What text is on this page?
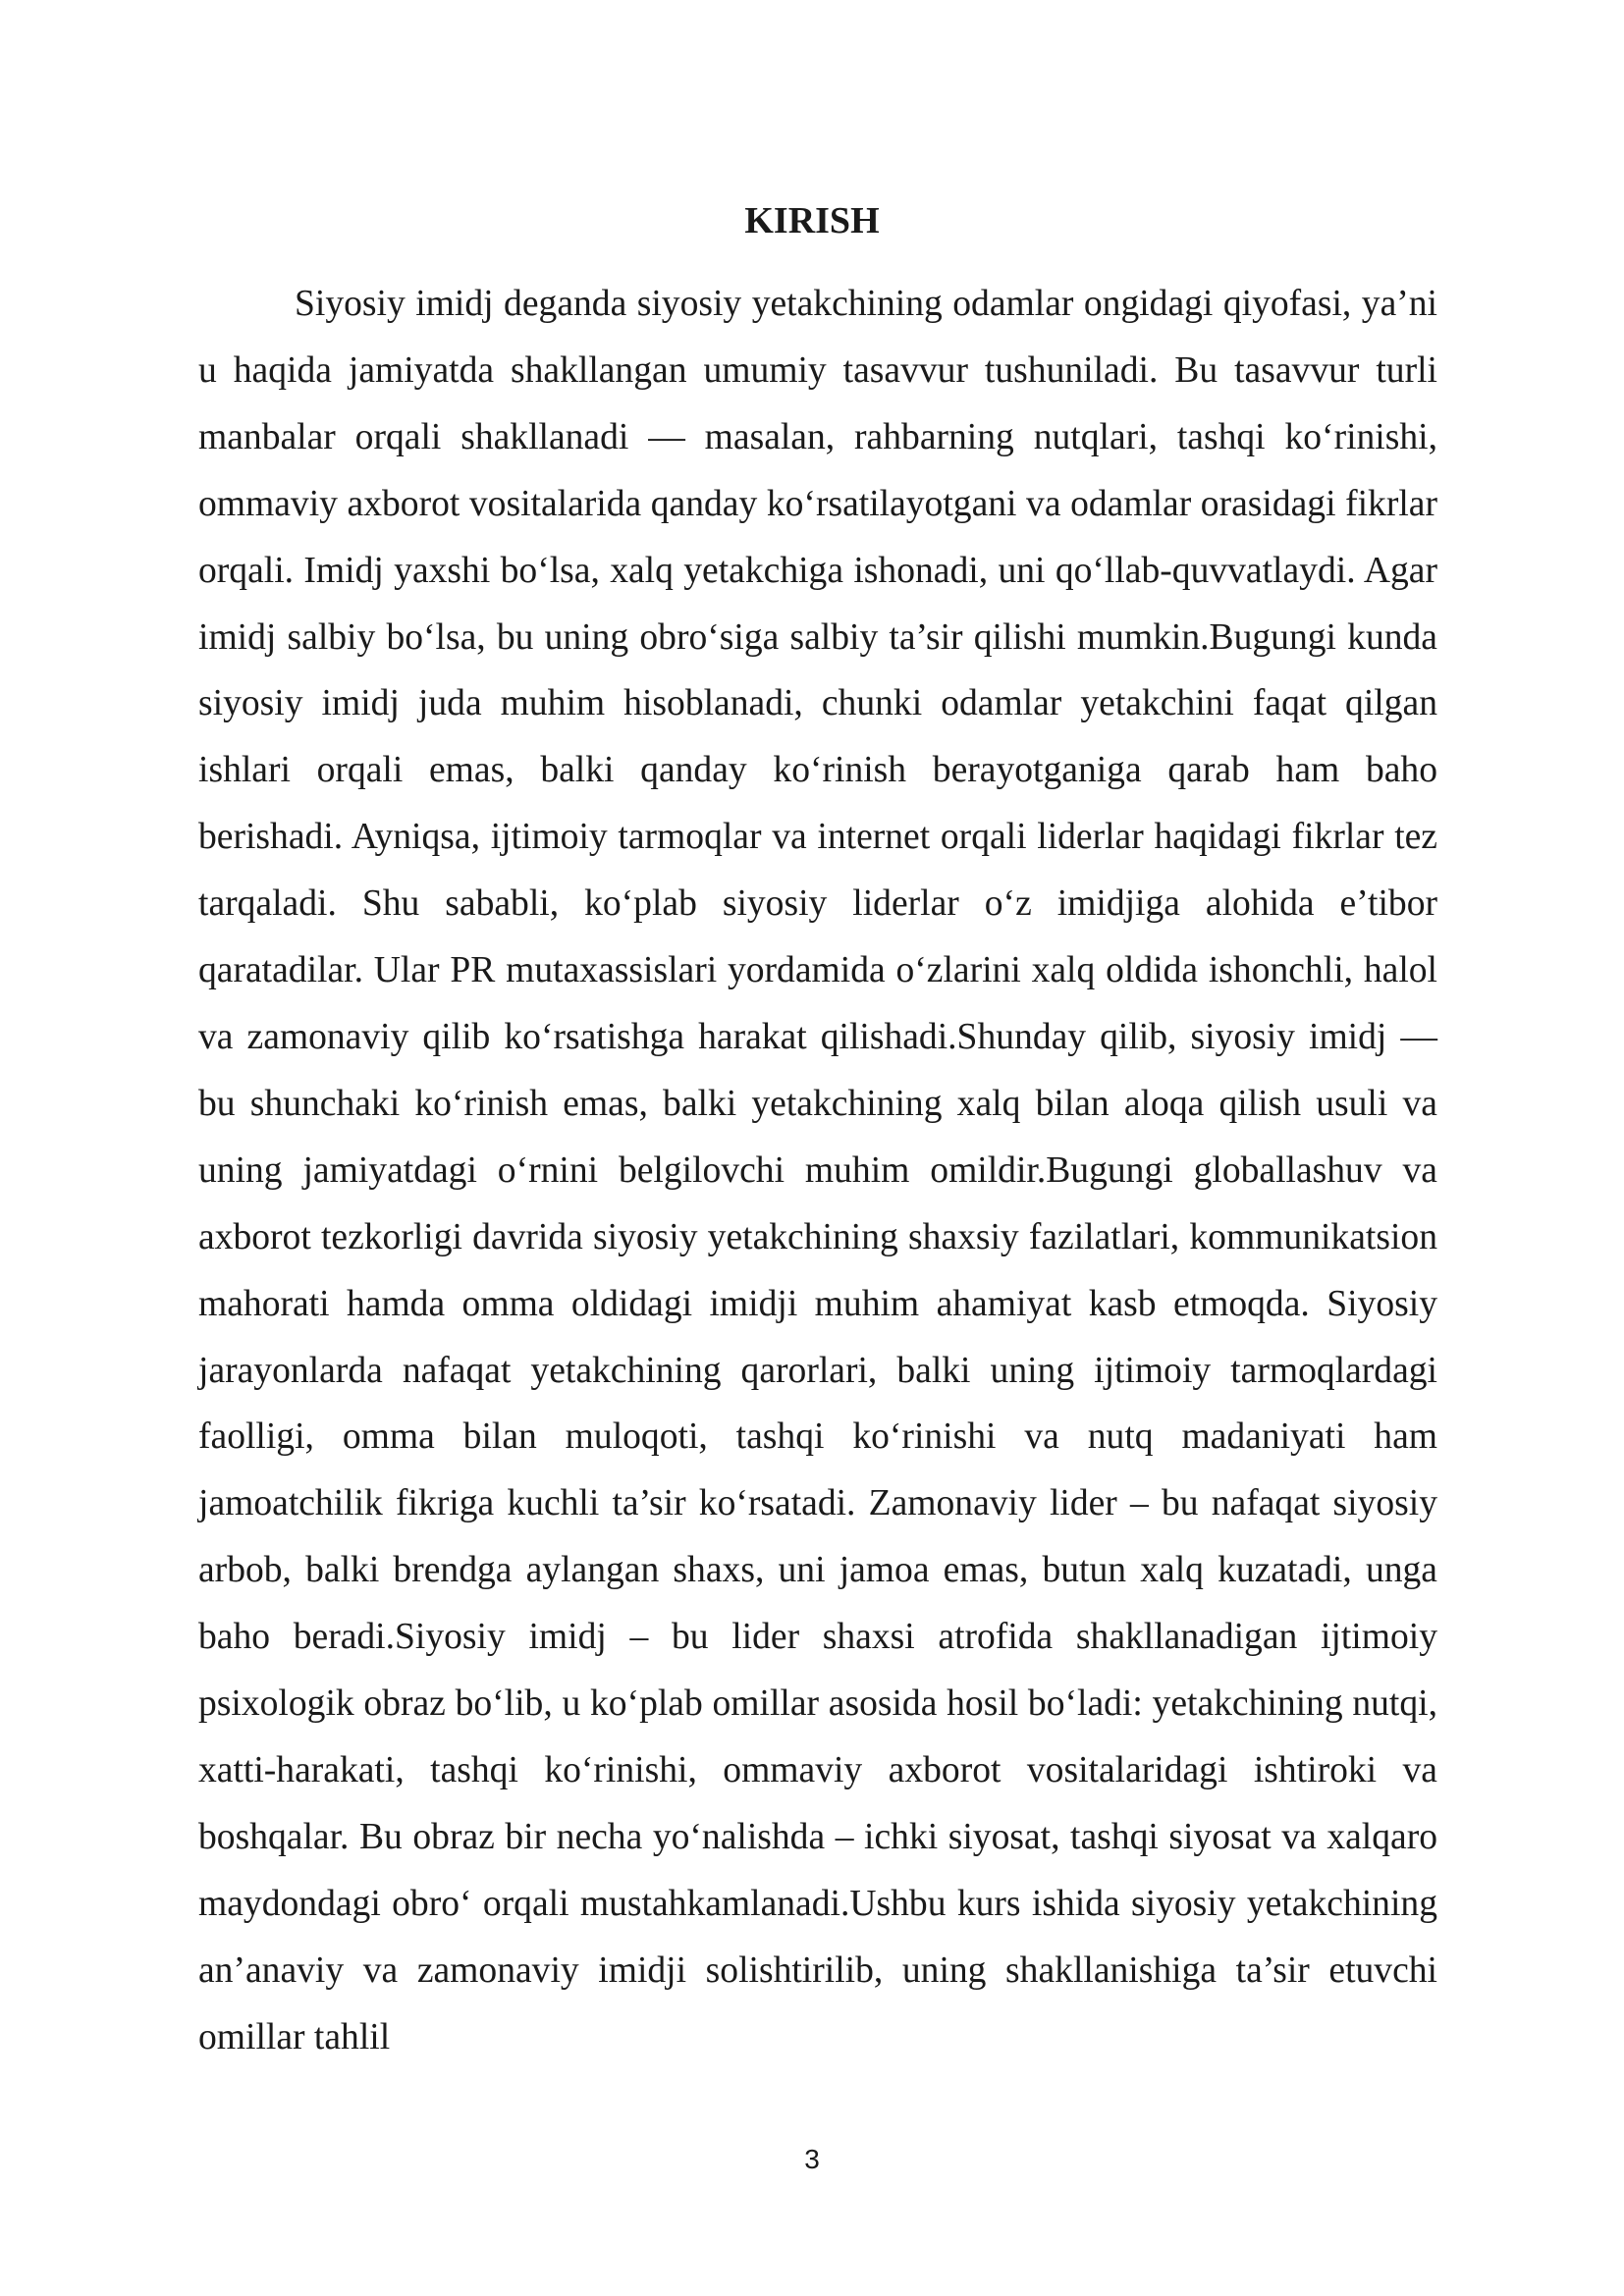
KIRISH

Siyosiy imidj deganda siyosiy yetakchining odamlar ongidagi qiyofasi, ya’ni u haqida jamiyatda shakllangan umumiy tasavvur tushuniladi. Bu tasavvur turli manbalar orqali shakllanadi — masalan, rahbarning nutqlari, tashqi ko‘rinishi, ommaviy axborot vositalarida qanday ko‘rsatilayotgani va odamlar orasidagi fikrlar orqali. Imidj yaxshi bo‘lsa, xalq yetakchiga ishonadi, uni qo‘llab-quvvatlaydi. Agar imidj salbiy bo‘lsa, bu uning obro‘siga salbiy ta’sir qilishi mumkin.Bugungi kunda siyosiy imidj juda muhim hisoblanadi, chunki odamlar yetakchini faqat qilgan ishlari orqali emas, balki qanday ko‘rinish berayotganiga qarab ham baho berishadi. Ayniqsa, ijtimoiy tarmoqlar va internet orqali liderlar haqidagi fikrlar tez tarqaladi. Shu sababli, ko‘plab siyosiy liderlar o‘z imidjiga alohida e’tibor qaratadilar. Ular PR mutaxassislari yordamida o‘zlarini xalq oldida ishonchli, halol va zamonaviy qilib ko‘rsatishga harakat qilishadi.Shunday qilib, siyosiy imidj — bu shunchaki ko‘rinish emas, balki yetakchining xalq bilan aloqa qilish usuli va uning jamiyatdagi o‘rnini belgilovchi muhim omildir.Bugungi globallashuv va axborot tezkorligi davrida siyosiy yetakchining shaxsiy fazilatlari, kommunikatsion mahorati hamda omma oldidagi imidji muhim ahamiyat kasb etmoqda. Siyosiy jarayonlarda nafaqat yetakchining qarorlari, balki uning ijtimoiy tarmoqlardagi faolligi, omma bilan muloqoti, tashqi ko‘rinishi va nutq madaniyati ham jamoatchilik fikriga kuchli ta’sir ko‘rsatadi. Zamonaviy lider – bu nafaqat siyosiy arbob, balki brendga aylangan shaxs, uni jamoa emas, butun xalq kuzatadi, unga baho beradi.Siyosiy imidj – bu lider shaxsi atrofida shakllanadigan ijtimoiy psixologik obraz bo‘lib, u ko‘plab omillar asosida hosil bo‘ladi: yetakchining nutqi, xatti-harakati, tashqi ko‘rinishi, ommaviy axborot vositalaridagi ishtiroki va boshqalar. Bu obraz bir necha yo‘nalishda – ichki siyosat, tashqi siyosat va xalqaro maydondagi obro‘ orqali mustahkamlanadi.Ushbu kurs ishida siyosiy yetakchining an’anaviy va zamonaviy imidji solishtirilib, uning shakllanishiga ta’sir etuvchi omillar tahlil

3
